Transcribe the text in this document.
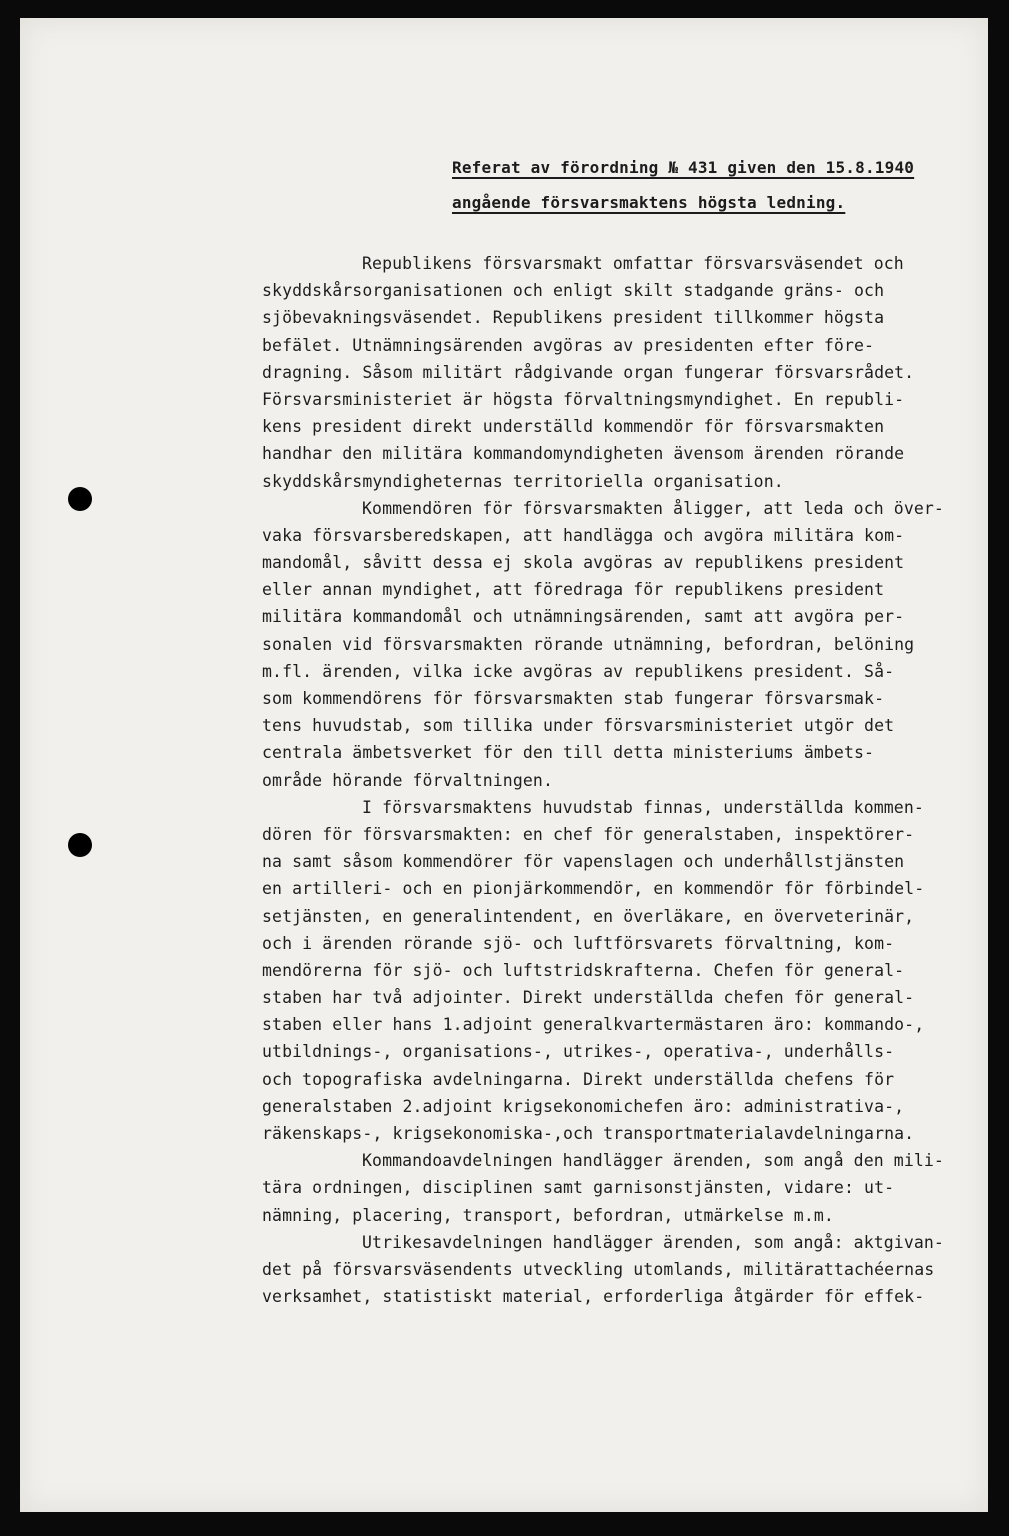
Referat av förordning № 431 given den 15.8.1940
angående försvarsmaktens högsta ledning.
Republikens försvarsmakt omfattar försvarsväsendet och
skyddskårsorganisationen och enligt skilt stadgande gräns- och
sjöbevakningsväsendet. Republikens president tillkommer högsta
befälet. Utnämningsärenden avgöras av presidenten efter före-
dragning. Såsom militärt rådgivande organ fungerar försvarsrådet.
Försvarsministeriet är högsta förvaltningsmyndighet. En republi-
kens president direkt underställd kommendör för försvarsmakten
handhar den militära kommandomyndigheten ävensom ärenden rörande
skyddskårsmyndigheternas territoriella organisation.
Kommendören för försvarsmakten åligger, att leda och över-
vaka försvarsberedskapen, att handlägga och avgöra militära kom-
mandomål, såvitt dessa ej skola avgöras av republikens president
eller annan myndighet, att föredraga för republikens president
militära kommandomål och utnämningsärenden, samt att avgöra per-
sonalen vid försvarsmakten rörande utnämning, befordran, belöning
m.fl. ärenden, vilka icke avgöras av republikens president. Så-
som kommendörens för försvarsmakten stab fungerar försvarsmak-
tens huvudstab, som tillika under försvarsministeriet utgör det
centrala ämbetsverket för den till detta ministeriums ämbets-
område hörande förvaltningen.
I försvarsmaktens huvudstab finnas, underställda kommen-
dören för försvarsmakten: en chef för generalstaben, inspektörer-
na samt såsom kommendörer för vapenslagen och underhållstjänsten
en artilleri- och en pionjärkommendör, en kommendör för förbindel-
setjänsten, en generalintendent, en överläkare, en överveterinär,
och i ärenden rörande sjö- och luftförsvarets förvaltning, kom-
mendörerna för sjö- och luftstridskrafterna. Chefen för general-
staben har två adjointer. Direkt underställda chefen för general-
staben eller hans 1.adjoint generalkvartermästaren äro: kommando-,
utbildnings-, organisations-, utrikes-, operativa-, underhålls-
och topografiska avdelningarna. Direkt underställda chefens för
generalstaben 2.adjoint krigsekonomichefen äro: administrativa-,
räkenskaps-, krigsekonomiska-,och transportmaterialavdelningarna.
Kommandoavdelningen handlägger ärenden, som angå den mili-
tära ordningen, disciplinen samt garnisonstjänsten, vidare: ut-
nämning, placering, transport, befordran, utmärkelse m.m.
Utrikesavdelningen handlägger ärenden, som angå: aktgivan-
det på försvarsväsendents utveckling utomlands, militärattachéernas
verksamhet, statistiskt material, erforderliga åtgärder för effek-
